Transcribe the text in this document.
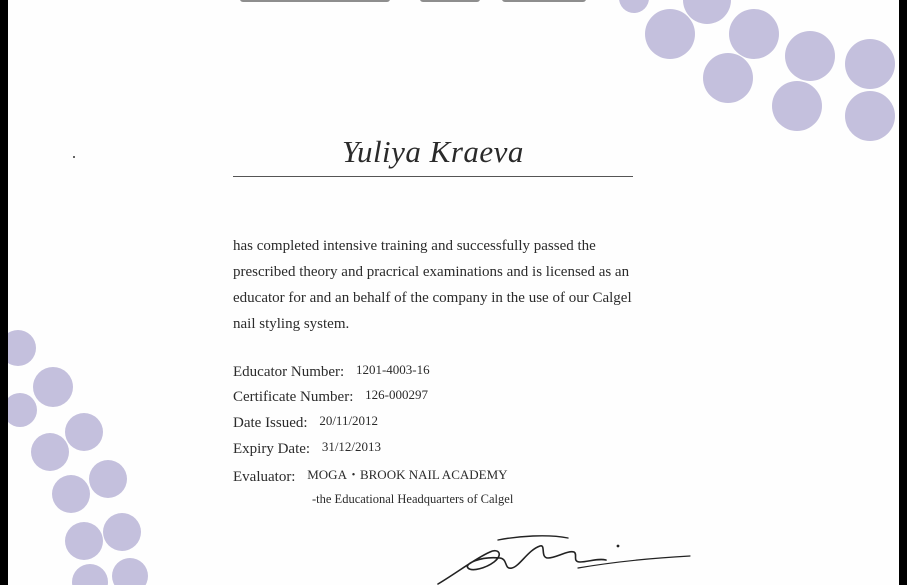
Yuliya Kraeva
has completed intensive training and successfully passed the
prescribed theory and pracrical examinations and is licensed as an
educator for and an behalf of the company in the use of our Calgel
nail styling system.
Educator Number: 1201-4003-16
Certificate Number: 126-000297
Date Issued: 20/11/2012
Expiry Date: 31/12/2013
Evaluator: MOGA・BROOK NAIL ACADEMY
-the Educational Headquarters of Calgel
